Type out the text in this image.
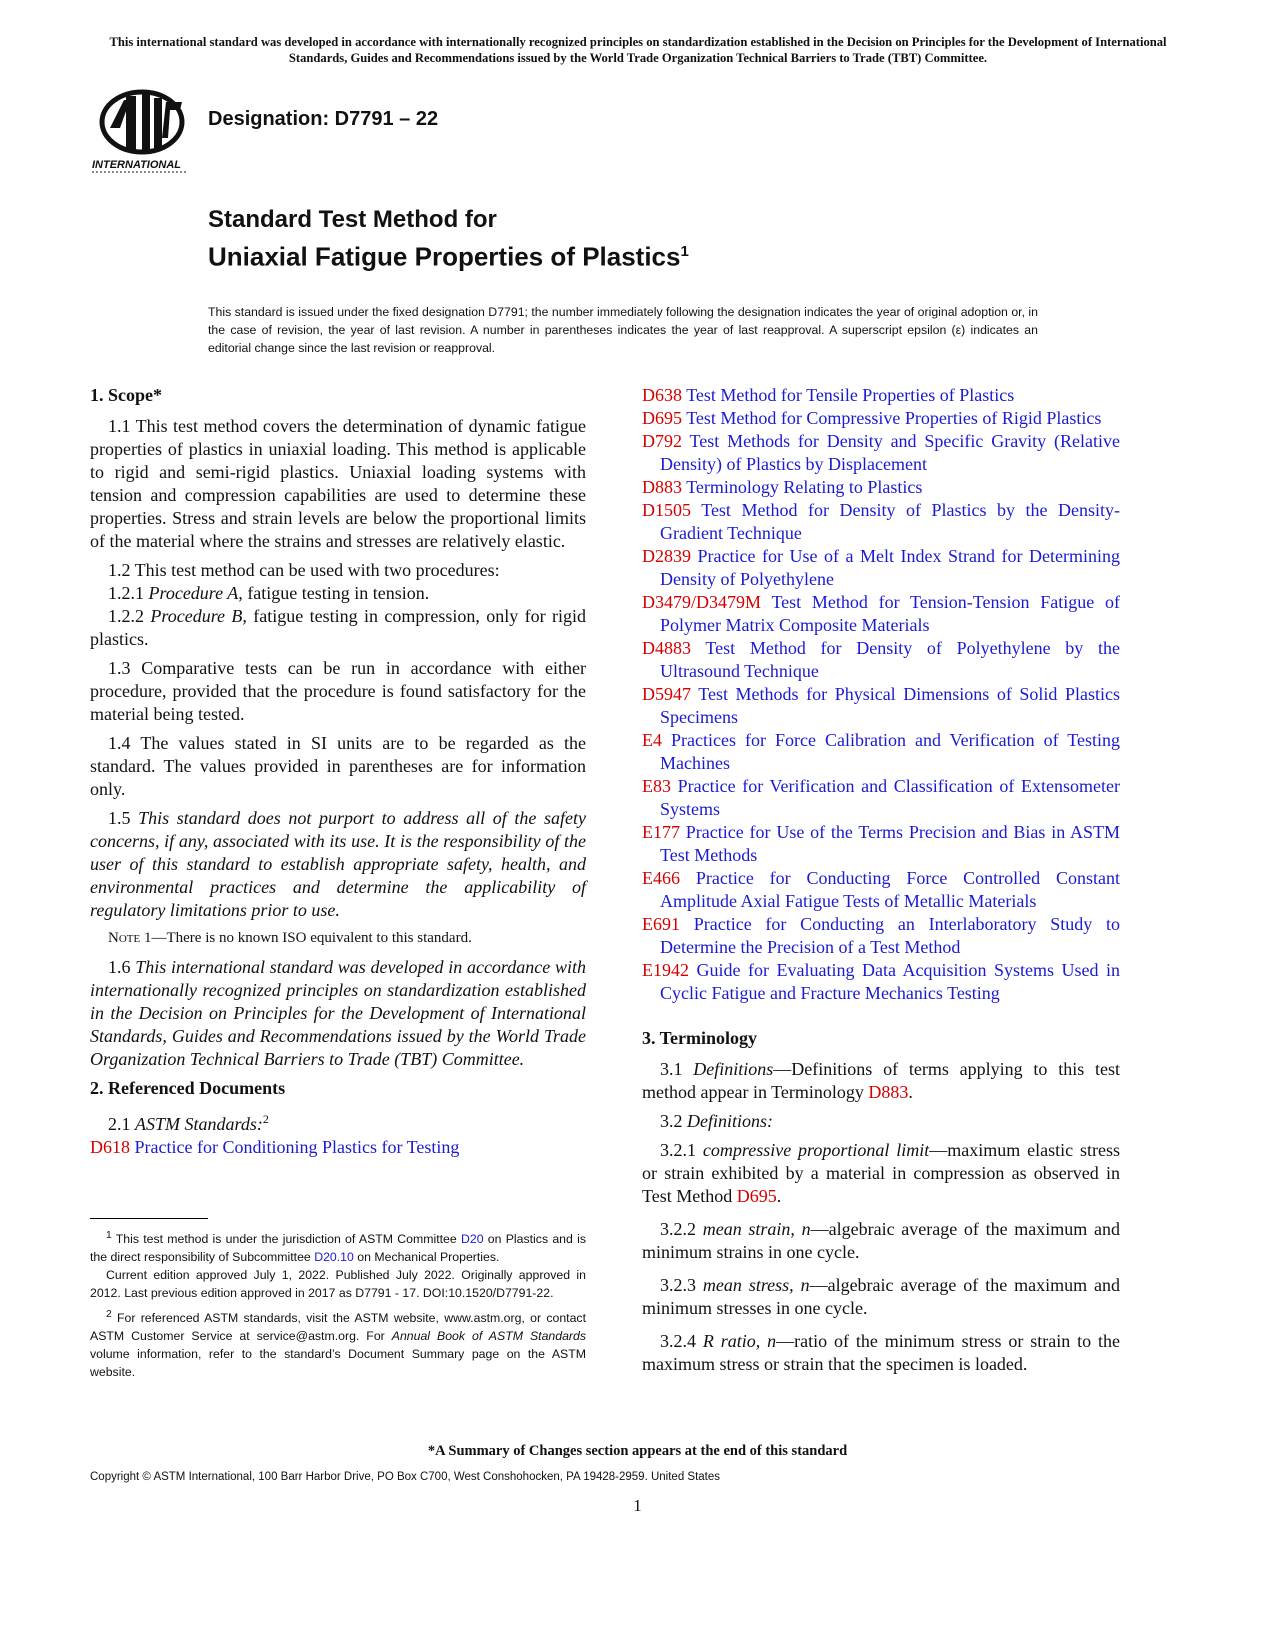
This international standard was developed in accordance with internationally recognized principles on standardization established in the Decision on Principles for the Development of International Standards, Guides and Recommendations issued by the World Trade Organization Technical Barriers to Trade (TBT) Committee.
INTERNATIONAL
Designation: D7791 – 22
Standard Test Method for
Uniaxial Fatigue Properties of Plastics$^1$
This standard is issued under the fixed designation D7791; the number immediately following the designation indicates the year of original adoption or, in the case of revision, the year of last revision. A number in parentheses indicates the year of last reapproval. A superscript epsilon (ε) indicates an editorial change since the last revision or reapproval.
1. Scope*

1.1 This test method covers the determination of dynamic fatigue properties of plastics in uniaxial loading. This method is applicable to rigid and semi-rigid plastics. Uniaxial loading systems with tension and compression capabilities are used to determine these properties. Stress and strain levels are below the proportional limits of the material where the strains and stresses are relatively elastic.

1.2 This test method can be used with two procedures:

1.2.1 Procedure A, fatigue testing in tension.

1.2.2 Procedure B, fatigue testing in compression, only for rigid plastics.

1.3 Comparative tests can be run in accordance with either procedure, provided that the procedure is found satisfactory for the material being tested.

1.4 The values stated in SI units are to be regarded as the standard. The values provided in parentheses are for information only.

1.5 This standard does not purport to address all of the safety concerns, if any, associated with its use. It is the responsibility of the user of this standard to establish appropriate safety, health, and environmental practices and determine the applicability of regulatory limitations prior to use.

Note 1—There is no known ISO equivalent to this standard.

1.6 This international standard was developed in accordance with internationally recognized principles on standardization established in the Decision on Principles for the Development of International Standards, Guides and Recommendations issued by the World Trade Organization Technical Barriers to Trade (TBT) Committee.

2. Referenced Documents

2.1 ASTM Standards:$^2$

D618 Practice for Conditioning Plastics for Testing

D638 Test Method for Tensile Properties of Plastics

D695 Test Method for Compressive Properties of Rigid Plastics

D792 Test Methods for Density and Specific Gravity (Relative Density) of Plastics by Displacement

D883 Terminology Relating to Plastics

D1505 Test Method for Density of Plastics by the Density-Gradient Technique

D2839 Practice for Use of a Melt Index Strand for Determining Density of Polyethylene

D3479/D3479M Test Method for Tension-Tension Fatigue of Polymer Matrix Composite Materials

D4883 Test Method for Density of Polyethylene by the Ultrasound Technique

D5947 Test Methods for Physical Dimensions of Solid Plastics Specimens

E4 Practices for Force Calibration and Verification of Testing Machines

E83 Practice for Verification and Classification of Extensometer Systems

E177 Practice for Use of the Terms Precision and Bias in ASTM Test Methods

E466 Practice for Conducting Force Controlled Constant Amplitude Axial Fatigue Tests of Metallic Materials

E691 Practice for Conducting an Interlaboratory Study to Determine the Precision of a Test Method

E1942 Guide for Evaluating Data Acquisition Systems Used in Cyclic Fatigue and Fracture Mechanics Testing

3. Terminology

3.1 Definitions—Definitions of terms applying to this test method appear in Terminology D883.

3.2 Definitions:

3.2.1 compressive proportional limit—maximum elastic stress or strain exhibited by a material in compression as observed in Test Method D695.

3.2.2 mean strain, n—algebraic average of the maximum and minimum strains in one cycle.

3.2.3 mean stress, n—algebraic average of the maximum and minimum stresses in one cycle.

3.2.4 R ratio, n—ratio of the minimum stress or strain to the maximum stress or strain that the specimen is loaded.

$^1$ This test method is under the jurisdiction of ASTM Committee D20 on Plastics and is the direct responsibility of Subcommittee D20.10 on Mechanical Properties.

Current edition approved July 1, 2022. Published July 2022. Originally approved in 2012. Last previous edition approved in 2017 as D7791 - 17. DOI:10.1520/D7791-22.

$^2$ For referenced ASTM standards, visit the ASTM website, www.astm.org, or contact ASTM Customer Service at service@astm.org. For Annual Book of ASTM Standards volume information, refer to the standard’s Document Summary page on the ASTM website.

*A Summary of Changes section appears at the end of this standard
Copyright © ASTM International, 100 Barr Harbor Drive, PO Box C700, West Conshohocken, PA 19428-2959. United States
1
